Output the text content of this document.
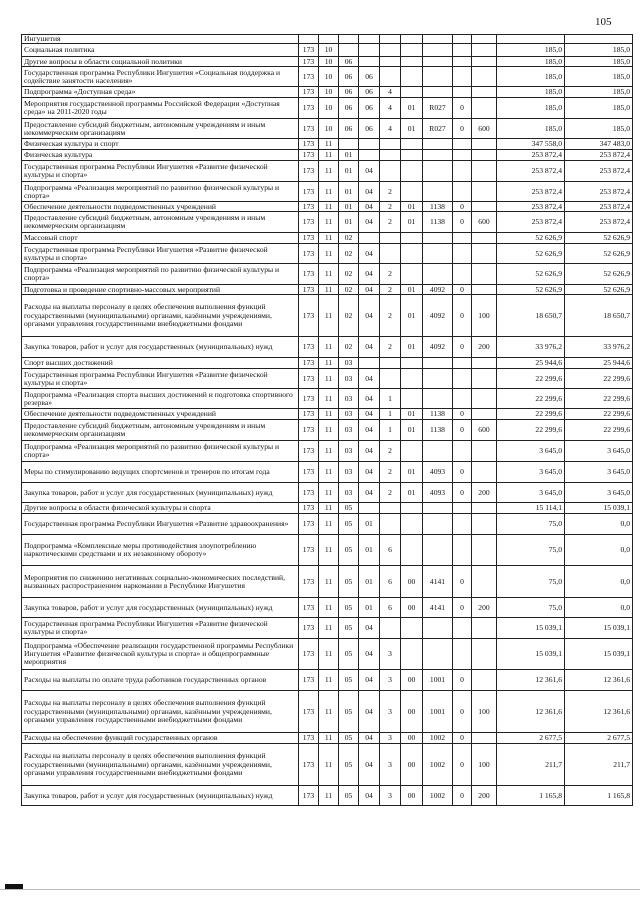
105
Ингушетия											
Социальная политика	173	10								185,0	185,0
Другие вопросы в области социальной политики	173	10	06							185,0	185,0
Государственная программа Республики Ингушетия «Социальная поддержка и содействие занятости населения»	173	10	06	06						185,0	185,0
Подпрограмма «Доступная среда»	173	10	06	06	4					185,0	185,0
Мероприятия государственной программы Российской Федерации «Доступная среда» на 2011-2020 годы	173	10	06	06	4	01	R027	0		185,0	185,0
Предоставление субсидий бюджетным, автономным учреждениям и иным некоммерческим организациям	173	10	06	06	4	01	R027	0	600	185,0	185,0
Физическая культура и спорт	173	11								347 558,0	347 483,0
Физическая культура	173	11	01							253 872,4	253 872,4
Государственная программа Республики Ингушетия «Развитие физической культуры и спорта»	173	11	01	04						253 872,4	253 872,4
Подпрограмма «Реализация мероприятий по развитию физической культуры и спорта»	173	11	01	04	2					253 872,4	253 872,4
Обеспечение деятельности подведомственных учреждений	173	11	01	04	2	01	1138	0		253 872,4	253 872,4
Предоставление субсидий бюджетным, автономным учреждениям и иным некоммерческим организациям	173	11	01	04	2	01	1138	0	600	253 872,4	253 872,4
Массовый спорт	173	11	02							52 626,9	52 626,9
Государственная программа Республики Ингушетия «Развитие физической культуры и спорта»	173	11	02	04						52 626,9	52 626,9
Подпрограмма «Реализация мероприятий по развитию физической культуры и спорта»	173	11	02	04	2					52 626,9	52 626,9
Подготовка и проведение спортивно-массовых мероприятий	173	11	02	04	2	01	4092	0		52 626,9	52 626,9
Расходы на выплаты персоналу в целях обеспечения выполнения функций государственными (муниципальными) органами, казёнными учреждениями, органами управления государственными внебюджетными фондами	173	11	02	04	2	01	4092	0	100	18 650,7	18 650,7
Закупка товаров, работ и услуг для государственных (муниципальных) нужд	173	11	02	04	2	01	4092	0	200	33 976,2	33 976,2
Спорт высших достижений	173	11	03							25 944,6	25 944,6
Государственная программа Республики Ингушетия «Развитие физической культуры и спорта»	173	11	03	04						22 299,6	22 299,6
Подпрограмма «Реализация спорта высших достижений и подготовка спортивного резерва»	173	11	03	04	1					22 299,6	22 299,6
Обеспечение деятельности подведомственных учреждений	173	11	03	04	1	01	1138	0		22 299,6	22 299,6
Предоставление субсидий бюджетным, автономным учреждениям и иным некоммерческим организациям	173	11	03	04	1	01	1138	0	600	22 299,6	22 299,6
Подпрограмма «Реализация мероприятий по развитию физической культуры и спорта»	173	11	03	04	2					3 645,0	3 645,0
Меры по стимулированию ведущих спортсменов и тренеров по итогам года	173	11	03	04	2	01	4093	0		3 645,0	3 645,0
Закупка товаров, работ и услуг для государственных (муниципальных) нужд	173	11	03	04	2	01	4093	0	200	3 645,0	3 645,0
Другие вопросы в области физической культуры и спорта	173	11	05							15 114,1	15 039,1
Государственная программа Республики Ингушетия «Развитие здравоохранения»	173	11	05	01						75,0	0,0
Подпрограмма «Комплексные меры противодействия злоупотреблению наркотическими средствами и их незаконному обороту»	173	11	05	01	6					75,0	0,0
Мероприятия по снижению негативных социально-экономических последствий, вызванных распространением наркомании в Республике Ингушетия	173	11	05	01	6	00	4141	0		75,0	0,0
Закупка товаров, работ и услуг для государственных (муниципальных) нужд	173	11	05	01	6	00	4141	0	200	75,0	0,0
Государственная программа Республики Ингушетия «Развитие физической культуры и спорта»	173	11	05	04						15 039,1	15 039,1
Подпрограмма «Обеспечение реализации государственной программы Республики Ингушетия «Развитие физической культуры и спорта» и общепрограммные мероприятия	173	11	05	04	3					15 039,1	15 039,1
Расходы на выплаты по оплате труда работников государственных органов	173	11	05	04	3	00	1001	0		12 361,6	12 361,6
Расходы на выплаты персоналу в целях обеспечения выполнения функций государственными (муниципальными) органами, казёнными учреждениями, органами управления государственными внебюджетными фондами	173	11	05	04	3	00	1001	0	100	12 361,6	12 361,6
Расходы на обеспечение функций государственных органов	173	11	05	04	3	00	1002	0		2 677,5	2 677,5
Расходы на выплаты персоналу в целях обеспечения выполнения функций государственными (муниципальными) органами, казёнными учреждениями, органами управления государственными внебюджетными фондами	173	11	05	04	3	00	1002	0	100	211,7	211,7
Закупка товаров, работ и услуг для государственных (муниципальных) нужд	173	11	05	04	3	00	1002	0	200	1 165,8	1 165,8
